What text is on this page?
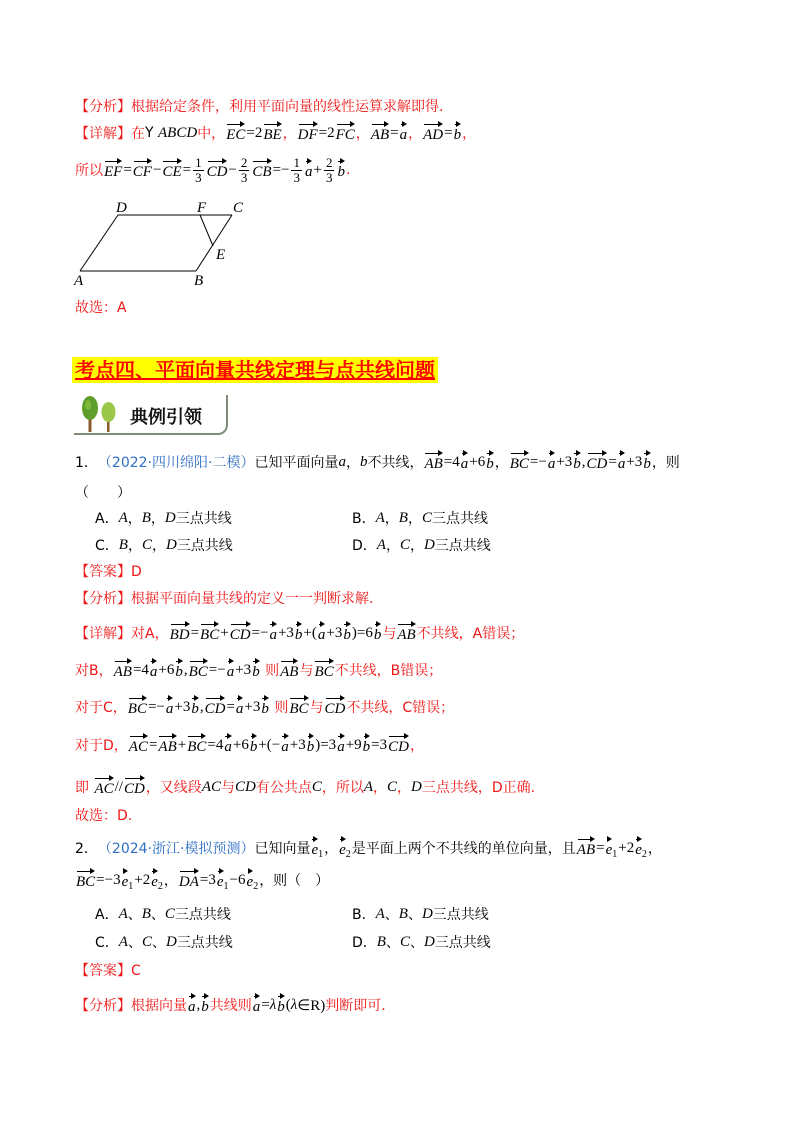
【分析】根据给定条件，利用平面向量的线性运算求解即得.
【详解】在 Y ABCD 中， EC =2 BE ， DF =2 FC ， AB = a ， AD = b ，
所以 EF = CF − CE = $\frac{1}{3}$ CD − $\frac{2}{3}$ CB =− $\frac{1}{3}$ $a + \frac{2}{3}$ b .
D	F C
E
A	B
故选：A
考点四、平面向量共线定理与点共线问题
典例引领
1． （2022·四川绵阳·二模） 已知平面向量 a ， b 不共线， AB =4 a +6 b ， BC =− a +3 b , CD = a +3 b ，则
（　　）
A． A ， B ， D 三点共线	B． A ， B ， C 三点共线
C． B ， C ， D 三点共线	D． A ， C ， D 三点共线
【答案】D
【分析】根据平面向量共线的定义一一判断求解.
【详解】对A， BD = BC + CD =− a +3 b +( a +3 b )=6 b 与 AB 不共线，A错误；
对B， AB =4 a +6 b , BC =− a +3 b 则 AB 与 BC 不共线，B错误；
对于C， BC =− a +3 b , CD = a +3 b 则 BC 与 CD 不共线，C错误；
对于D， AC = AB + BC =4 a +6 b +(− a +3 b )=3 a +9 b =3 CD ，
即 AC // CD ，又线段 AC 与 CD 有公共点 C ，所以 A ， C ， D 三点共线，D正确.
故选：D.
2． （2024·浙江·模拟预测） 已知向量 $e_1$ ， $e_2$ 是平面上两个不共线的单位向量，且 AB = $e_1 +2$ $e_2$ ，
BC =−3 $e_1 +2$ $e_2$ ， DA =3 $e_1 -6$ $e_2$ ，则（　）
A． A 、 B 、 C 三点共线	B． A 、 B 、 D 三点共线
C． A 、 C 、 D 三点共线	D． B 、 C 、 D 三点共线
【答案】C
【分析】根据向量 a , b 共线则 a = λ b ( λ ∈R) 判断即可.
